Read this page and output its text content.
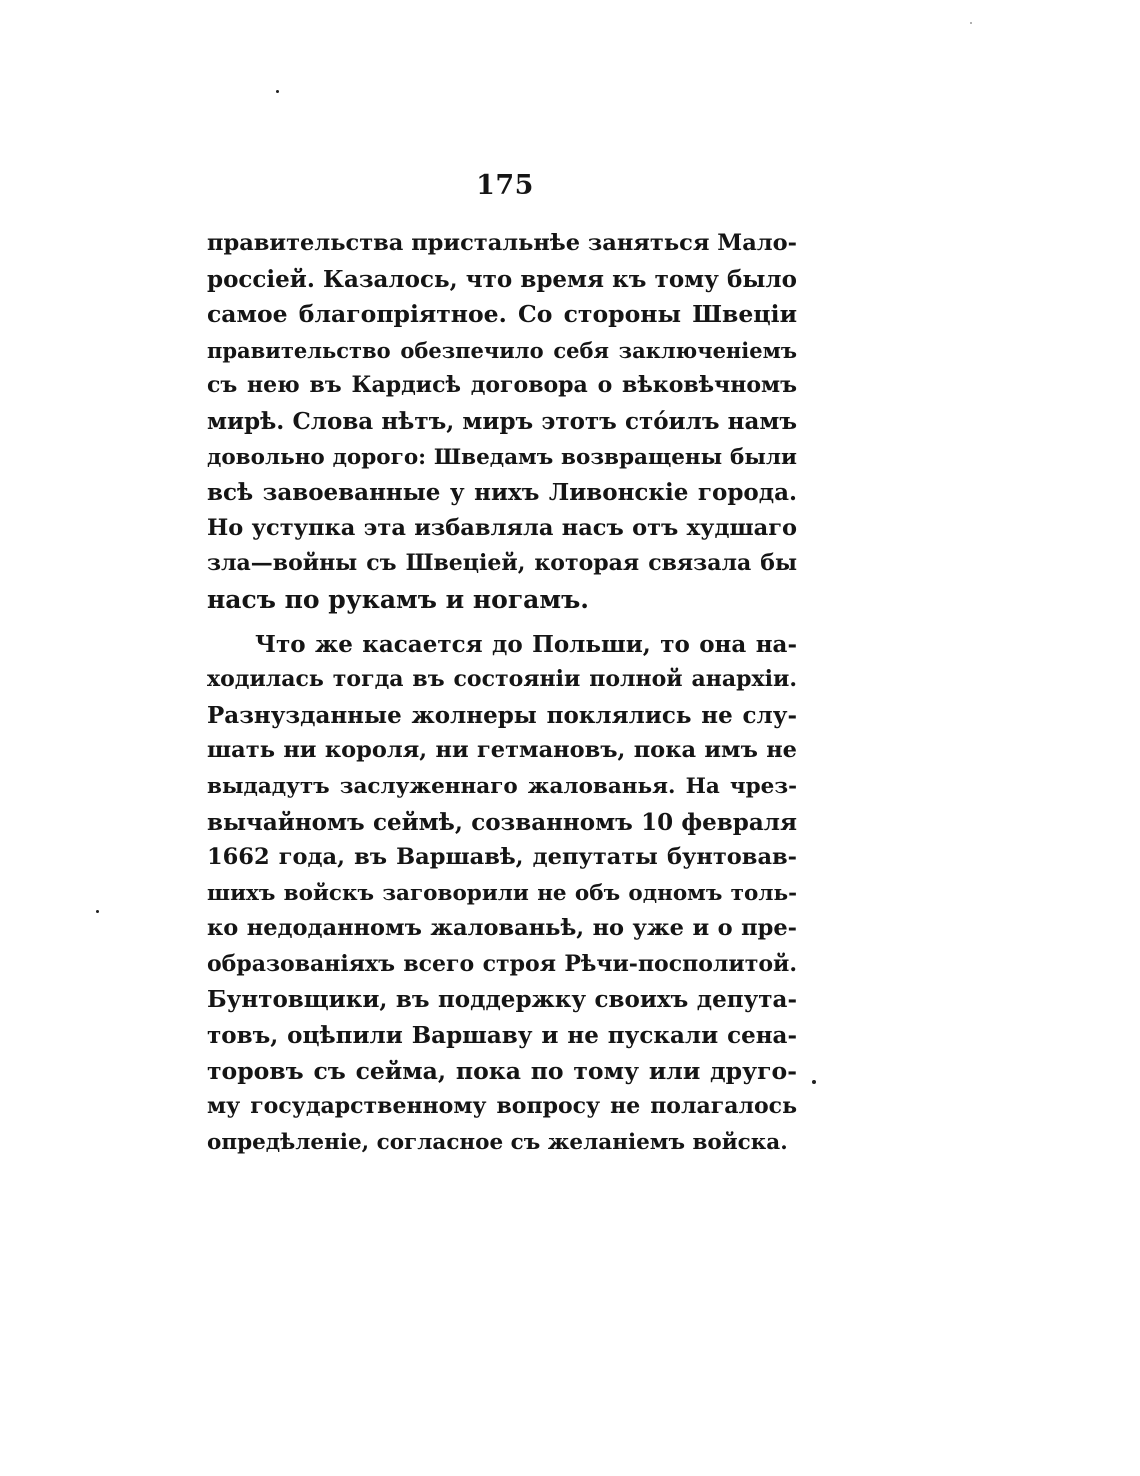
175
правительства пристальнѣе заняться Мало-
россіей. Казалось, что время къ тому было
самое благопріятное. Со стороны Швеціи
правительство обезпечило себя заключеніемъ
съ нею въ Кардисѣ договора о вѣковѣчномъ
мирѣ. Слова нѣтъ, миръ этотъ стóилъ намъ
довольно дорого: Шведамъ возвращены были
всѣ завоеванные у нихъ Ливонскіе города.
Но уступка эта избавляла насъ отъ худшаго
зла—войны съ Швеціей, которая связала бы
насъ по рукамъ и ногамъ.
Что же касается до Польши, то она на-
ходилась тогда въ состояніи полной анархіи.
Разнузданные жолнеры поклялись не слу-
шать ни короля, ни гетмановъ, пока имъ не
выдадутъ заслуженнаго жалованья. На чрез-
вычайномъ сеймѣ, созванномъ 10 февраля
1662 года, въ Варшавѣ, депутаты бунтовав-
шихъ войскъ заговорили не объ одномъ толь-
ко недоданномъ жалованьѣ, но уже и о пре-
образованіяхъ всего строя Рѣчи-посполитой.
Бунтовщики, въ поддержку своихъ депута-
товъ, оцѣпили Варшаву и не пускали сена-
торовъ съ сейма, пока по тому или друго-
му государственному вопросу не полагалось
опредѣленіе, согласное съ желаніемъ войска.
